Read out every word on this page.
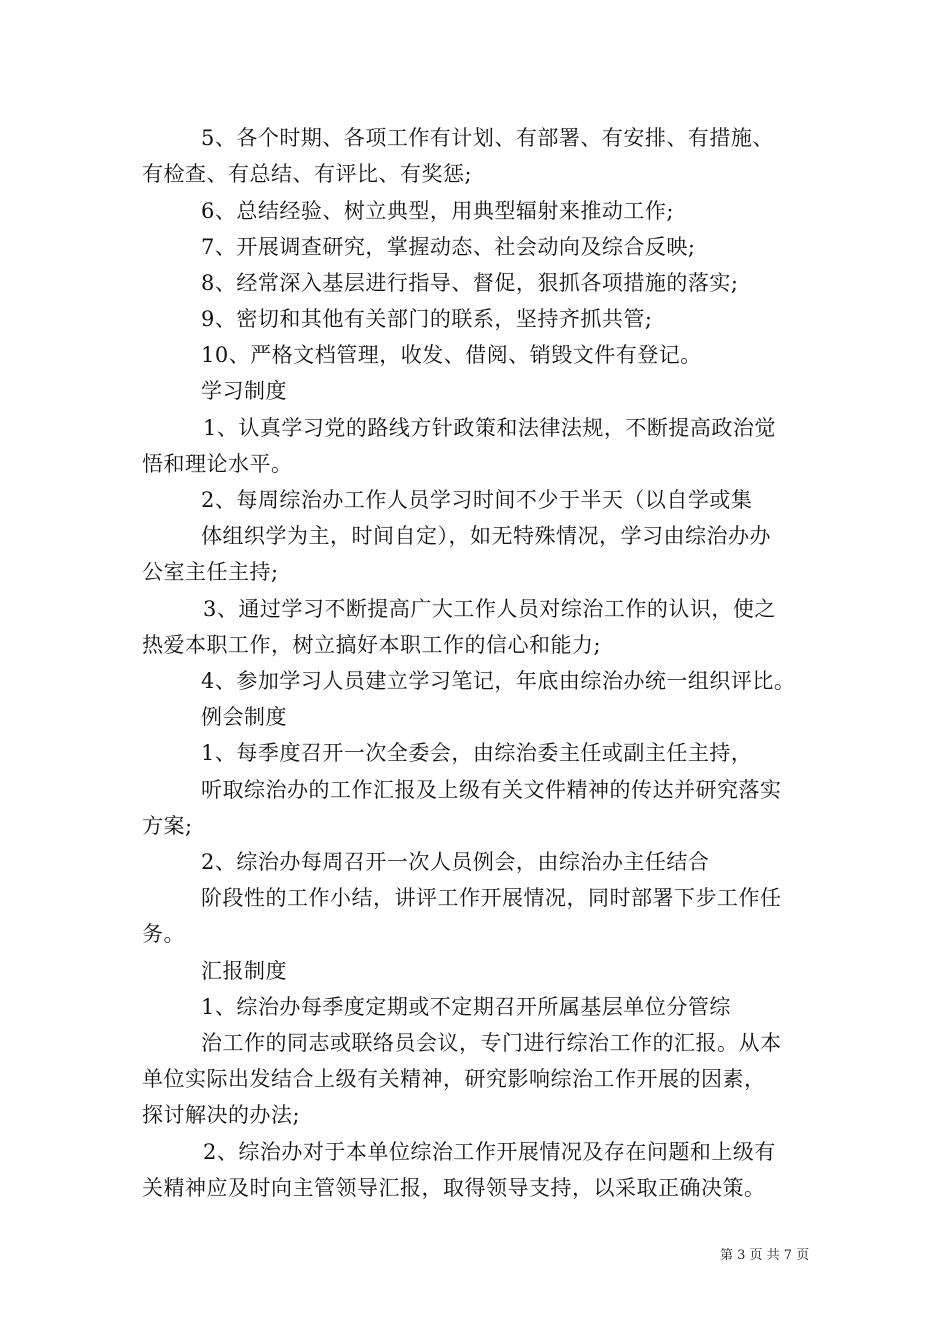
5、各个时期、各项工作有计划、有部署、有安排、有措施、
有检查、有总结、有评比、有奖惩;
6、总结经验、树立典型，用典型辐射来推动工作;
7、开展调查研究，掌握动态、社会动向及综合反映;
8、经常深入基层进行指导、督促，狠抓各项措施的落实;
9、密切和其他有关部门的联系，坚持齐抓共管;
10、严格文档管理，收发、借阅、销毁文件有登记。
学习制度
1、认真学习党的路线方针政策和法律法规，不断提高政治觉
悟和理论水平。
2、每周综治办工作人员学习时间不少于半天（以自学或集
体组织学为主，时间自定），如无特殊情况，学习由综治办办
公室主任主持;
3、通过学习不断提高广大工作人员对综治工作的认识，使之
热爱本职工作，树立搞好本职工作的信心和能力;
4、参加学习人员建立学习笔记，年底由综治办统一组织评比。
例会制度
1、每季度召开一次全委会，由综治委主任或副主任主持，
听取综治办的工作汇报及上级有关文件精神的传达并研究落实
方案;
2、综治办每周召开一次人员例会，由综治办主任结合
阶段性的工作小结，讲评工作开展情况，同时部署下步工作任
务。
汇报制度
1、综治办每季度定期或不定期召开所属基层单位分管综
治工作的同志或联络员会议，专门进行综治工作的汇报。从本
单位实际出发结合上级有关精神，研究影响综治工作开展的因素，
探讨解决的办法;
2、综治办对于本单位综治工作开展情况及存在问题和上级有
关精神应及时向主管领导汇报，取得领导支持，以采取正确决策。
第 3 页 共 7 页
